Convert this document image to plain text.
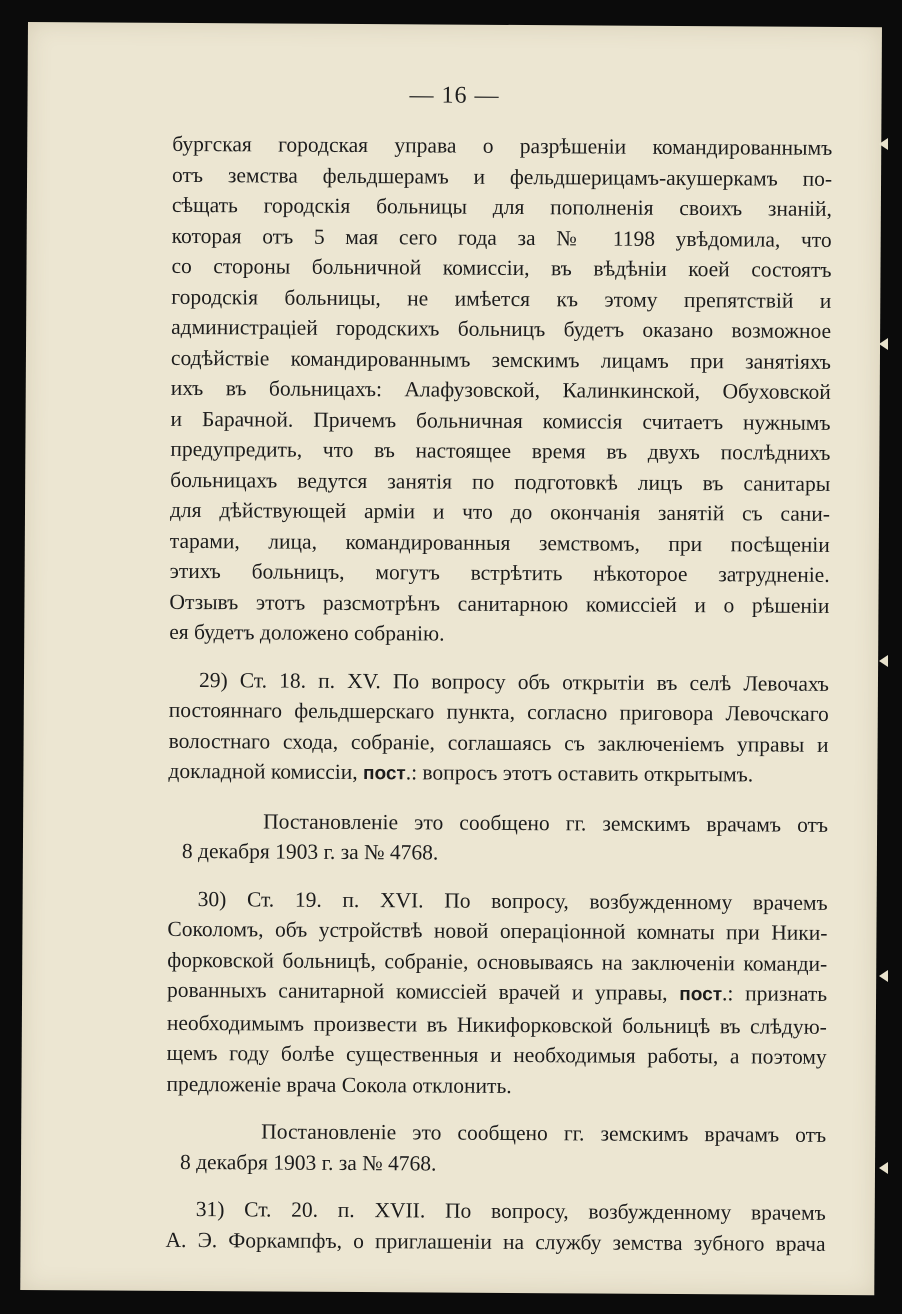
— 16 —

бургская городская управа о разрѣшеніи командированнымъ
отъ земства фельдшерамъ и фельдшерицамъ-акушеркамъ по-
сѣщать городскія больницы для пополненія своихъ знаній,
которая отъ 5 мая сего года за № 1198 увѣдомила, что
со стороны больничной комиссіи, въ вѣдѣніи коей состоятъ
городскія больницы, не имѣется къ этому препятствій и
администраціей городскихъ больницъ будетъ оказано возможное
содѣйствіе командированнымъ земскимъ лицамъ при занятіяхъ
ихъ въ больницахъ: Алафузовской, Калинкинской, Обуховской
и Барачной. Причемъ больничная комиссія считаетъ нужнымъ
предупредить, что въ настоящее время въ двухъ послѣднихъ
больницахъ ведутся занятія по подготовкѣ лицъ въ санитары
для дѣйствующей арміи и что до окончанія занятій съ сани-
тарами, лица, командированныя земствомъ, при посѣщеніи
этихъ больницъ, могутъ встрѣтить нѣкоторое затрудненіе.
Отзывъ этотъ разсмотрѣнъ санитарною комиссіей и о рѣшеніи
ея будетъ доложено собранію.

29) Ст. 18. п. XV. По вопросу объ открытіи въ селѣ Левочахъ
постояннаго фельдшерскаго пункта, согласно приговора Левочскаго
волостнаго схода, собраніе, соглашаясь съ заключеніемъ управы и
докладной комиссіи, пост.: вопросъ этотъ оставить открытымъ.

Постановленіе это сообщено гг. земскимъ врачамъ отъ
8 декабря 1903 г. за № 4768.

30) Ст. 19. п. XVI. По вопросу, возбужденному врачемъ
Соколомъ, объ устройствѣ новой операціонной комнаты при Ники-
форковской больницѣ, собраніе, основываясь на заключеніи команди-
рованныхъ санитарной комиссіей врачей и управы, пост.: признать
необходимымъ произвести въ Никифорковской больницѣ въ слѣдую-
щемъ году болѣе существенныя и необходимыя работы, а поэтому
предложеніе врача Сокола отклонить.

Постановленіе это сообщено гг. земскимъ врачамъ отъ
8 декабря 1903 г. за № 4768.

31) Ст. 20. п. XVII. По вопросу, возбужденному врачемъ
А. Э. Форкампфъ, о приглашеніи на службу земства зубного врача
